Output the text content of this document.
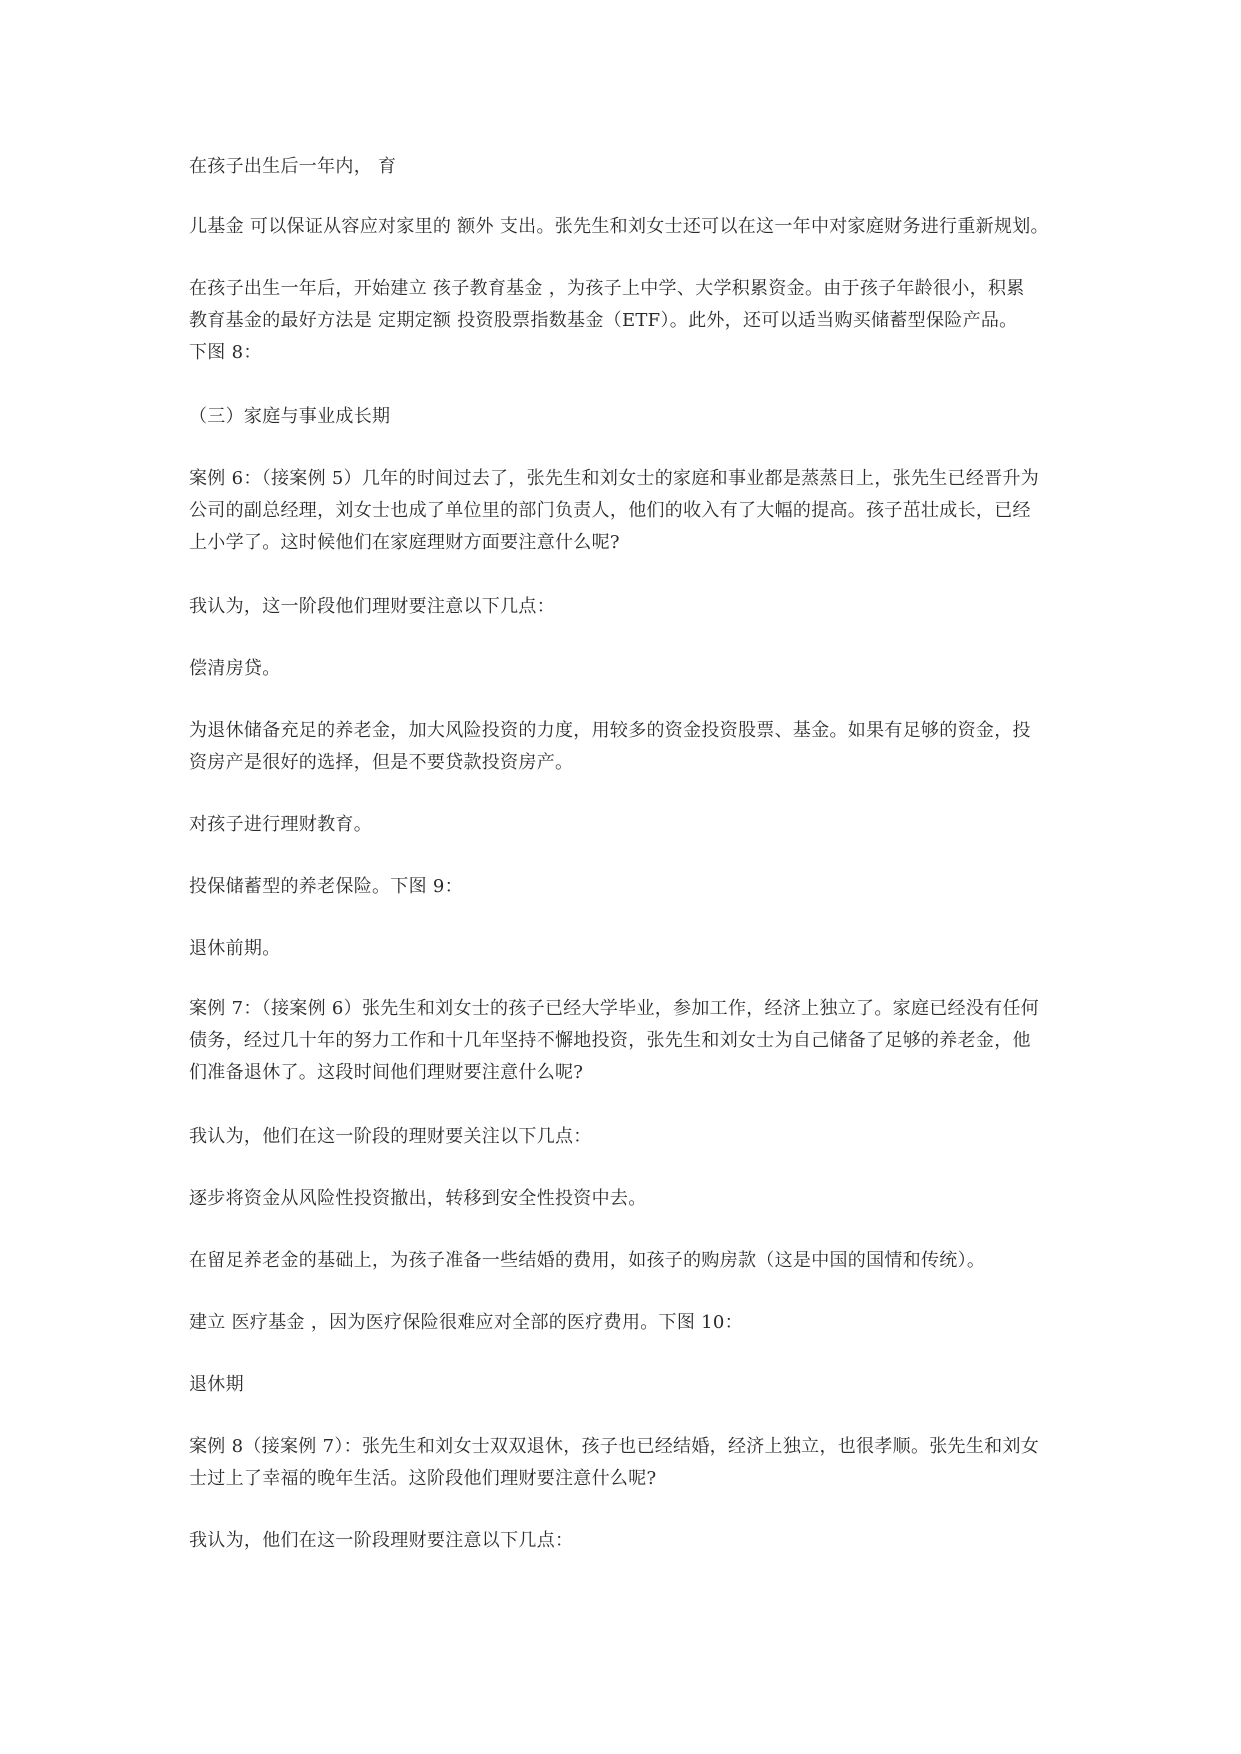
在孩子出生后一年内， 育

儿基金 可以保证从容应对家里的 额外 支出。张先生和刘女士还可以在这一年中对家庭财务进行重新规划。

在孩子出生一年后，开始建立 孩子教育基金 ，为孩子上中学、大学积累资金。由于孩子年龄很小，积累
教育基金的最好方法是 定期定额 投资股票指数基金（ETF）。此外，还可以适当购买储蓄型保险产品。
下图 8：

（三）家庭与事业成长期

案例 6：（接案例 5）几年的时间过去了，张先生和刘女士的家庭和事业都是蒸蒸日上，张先生已经晋升为
公司的副总经理，刘女士也成了单位里的部门负责人，他们的收入有了大幅的提高。孩子茁壮成长，已经
上小学了。这时候他们在家庭理财方面要注意什么呢?

我认为，这一阶段他们理财要注意以下几点：

偿清房贷。

为退休储备充足的养老金，加大风险投资的力度，用较多的资金投资股票、基金。如果有足够的资金，投
资房产是很好的选择，但是不要贷款投资房产。

对孩子进行理财教育。

投保储蓄型的养老保险。下图 9：

退休前期。

案例 7：（接案例 6）张先生和刘女士的孩子已经大学毕业，参加工作，经济上独立了。家庭已经没有任何
债务，经过几十年的努力工作和十几年坚持不懈地投资，张先生和刘女士为自己储备了足够的养老金，他
们准备退休了。这段时间他们理财要注意什么呢?

我认为，他们在这一阶段的理财要关注以下几点：

逐步将资金从风险性投资撤出，转移到安全性投资中去。

在留足养老金的基础上，为孩子准备一些结婚的费用，如孩子的购房款（这是中国的国情和传统）。

建立 医疗基金 ，因为医疗保险很难应对全部的医疗费用。下图 10：

退休期

案例 8（接案例 7）：张先生和刘女士双双退休，孩子也已经结婚，经济上独立，也很孝顺。张先生和刘女
士过上了幸福的晚年生活。这阶段他们理财要注意什么呢?

我认为，他们在这一阶段理财要注意以下几点：
